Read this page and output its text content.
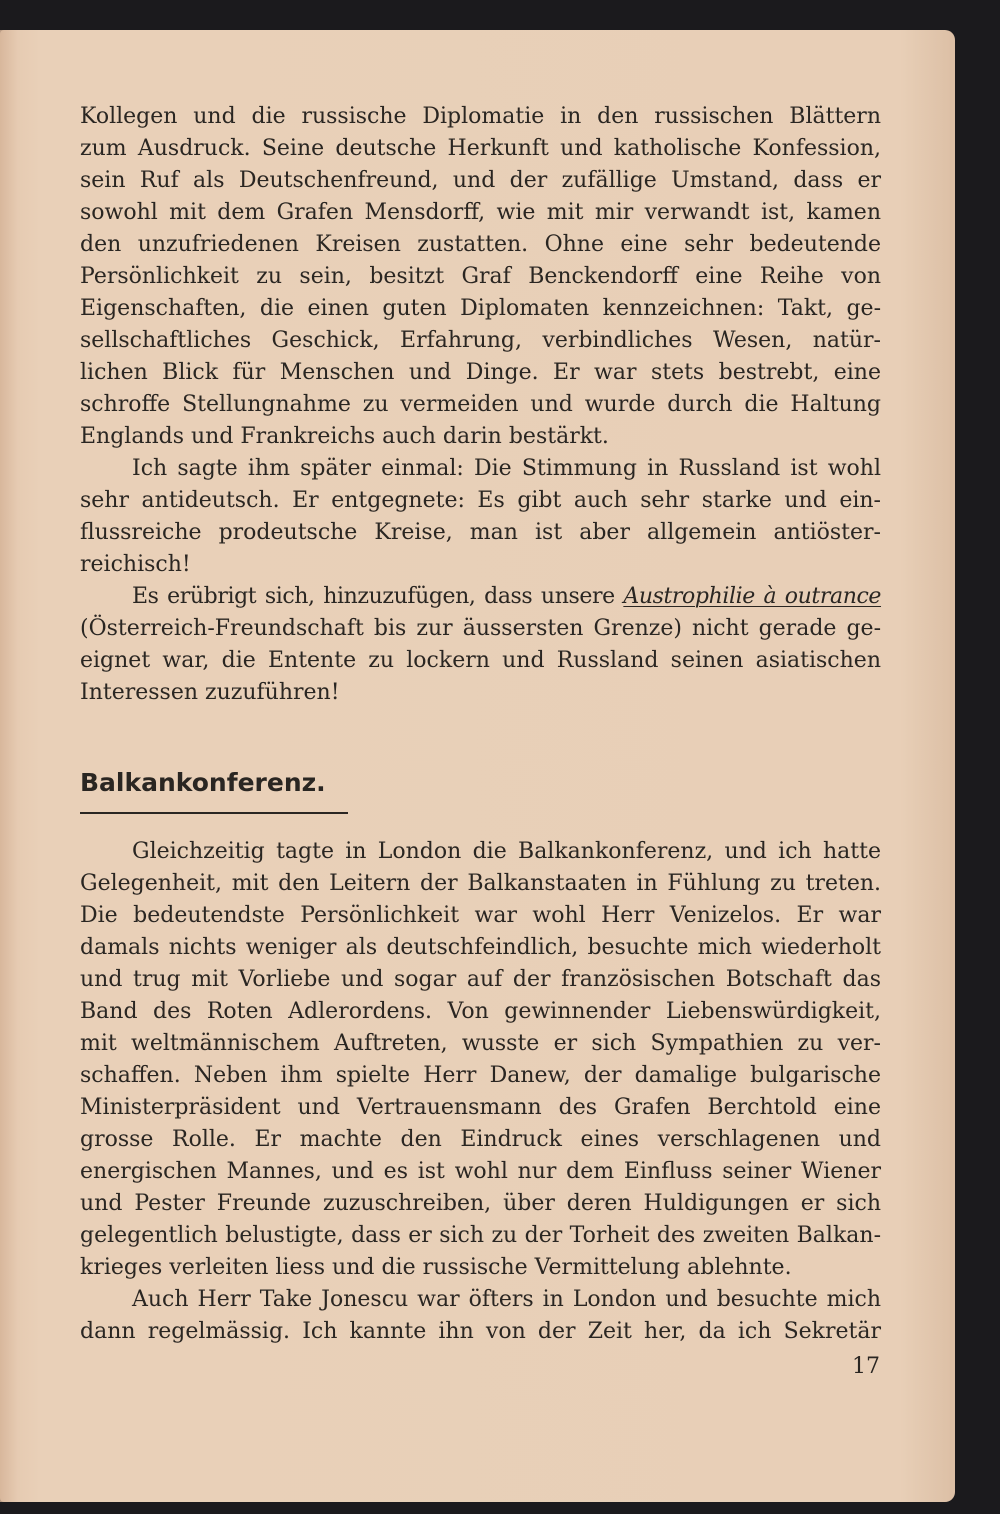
Kollegen und die russische Diplomatie in den russischen Blättern
zum Ausdruck. Seine deutsche Herkunft und katholische Konfession,
sein Ruf als Deutschenfreund, und der zufällige Umstand, dass er
sowohl mit dem Grafen Mensdorff, wie mit mir verwandt ist, kamen
den unzufriedenen Kreisen zustatten. Ohne eine sehr bedeutende
Persönlichkeit zu sein, besitzt Graf Benckendorff eine Reihe von
Eigenschaften, die einen guten Diplomaten kennzeichnen: Takt, ge-
sellschaftliches Geschick, Erfahrung, verbindliches Wesen, natür-
lichen Blick für Menschen und Dinge. Er war stets bestrebt, eine
schroffe Stellungnahme zu vermeiden und wurde durch die Haltung
Englands und Frankreichs auch darin bestärkt.
Ich sagte ihm später einmal: Die Stimmung in Russland ist wohl
sehr antideutsch. Er entgegnete: Es gibt auch sehr starke und ein-
flussreiche prodeutsche Kreise, man ist aber allgemein antiöster-
reichisch!
Es erübrigt sich, hinzuzufügen, dass unsere Austrophilie à outrance
(Österreich-Freundschaft bis zur äussersten Grenze) nicht gerade ge-
eignet war, die Entente zu lockern und Russland seinen asiatischen
Interessen zuzuführen!
Balkankonferenz.
Gleichzeitig tagte in London die Balkankonferenz, und ich hatte
Gelegenheit, mit den Leitern der Balkanstaaten in Fühlung zu treten.
Die bedeutendste Persönlichkeit war wohl Herr Venizelos. Er war
damals nichts weniger als deutschfeindlich, besuchte mich wiederholt
und trug mit Vorliebe und sogar auf der französischen Botschaft das
Band des Roten Adlerordens. Von gewinnender Liebenswürdigkeit,
mit weltmännischem Auftreten, wusste er sich Sympathien zu ver-
schaffen. Neben ihm spielte Herr Danew, der damalige bulgarische
Ministerpräsident und Vertrauensmann des Grafen Berchtold eine
grosse Rolle. Er machte den Eindruck eines verschlagenen und
energischen Mannes, und es ist wohl nur dem Einfluss seiner Wiener
und Pester Freunde zuzuschreiben, über deren Huldigungen er sich
gelegentlich belustigte, dass er sich zu der Torheit des zweiten Balkan-
krieges verleiten liess und die russische Vermittelung ablehnte.
Auch Herr Take Jonescu war öfters in London und besuchte mich
dann regelmässig. Ich kannte ihn von der Zeit her, da ich Sekretär
17
